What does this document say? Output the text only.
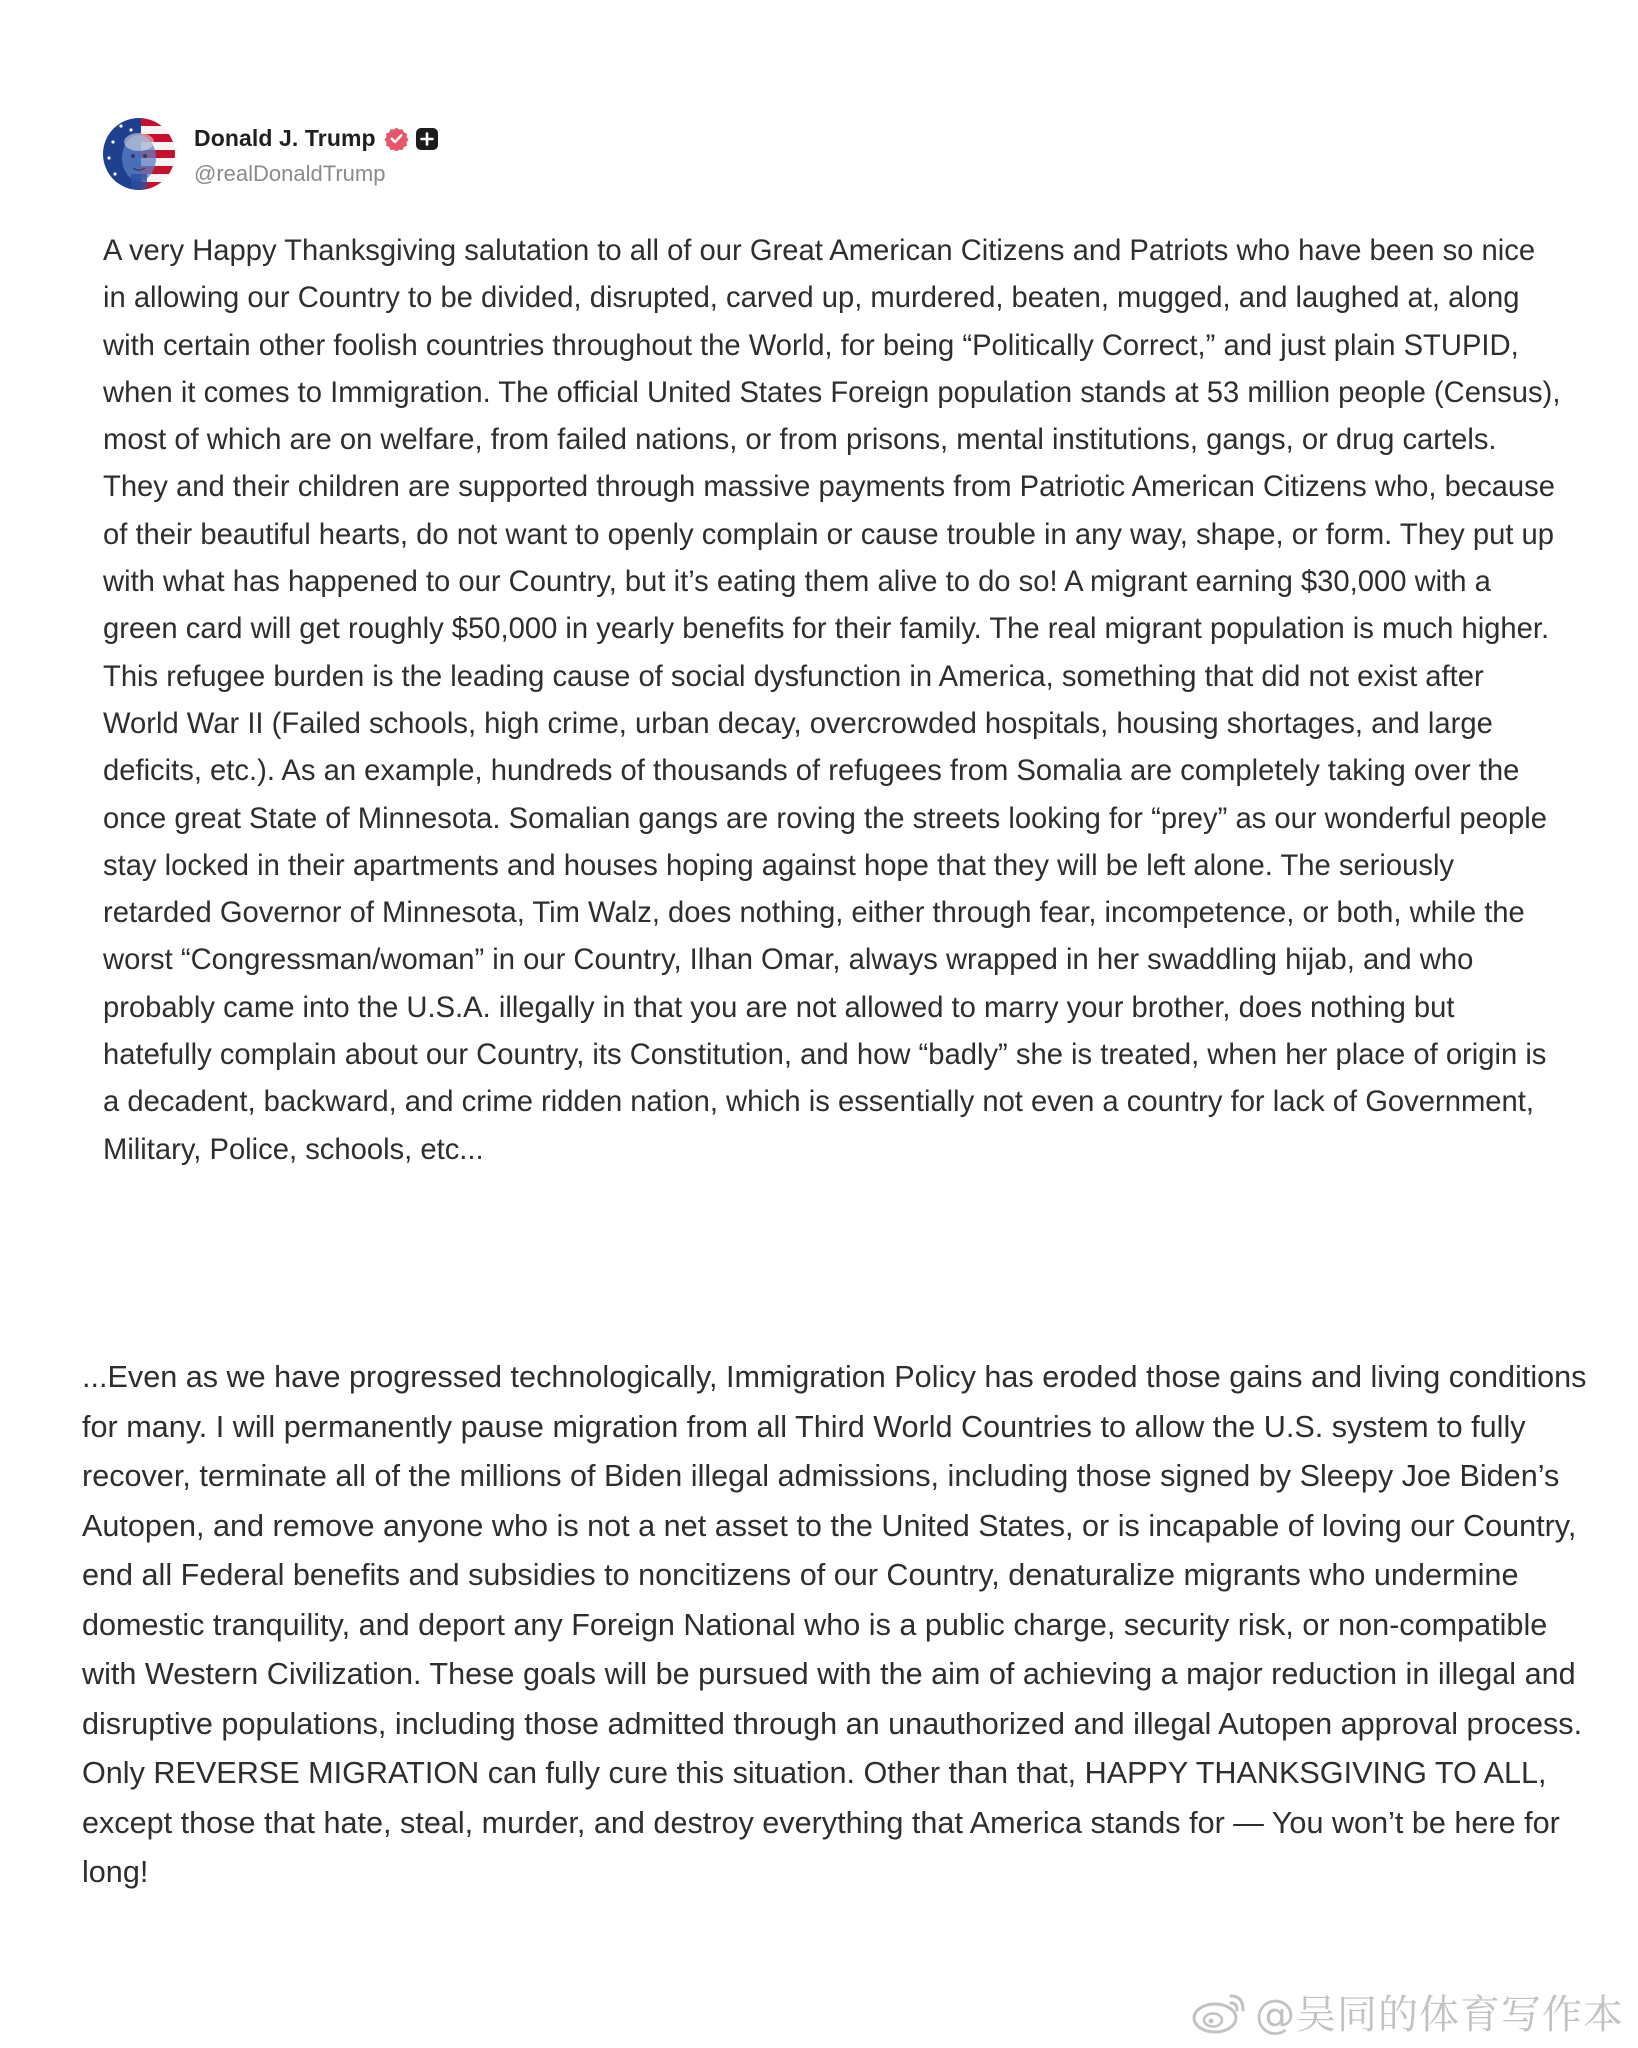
Donald J. Trump
@realDonaldTrump

A very Happy Thanksgiving salutation to all of our Great American Citizens and Patriots who have been so nice in allowing our Country to be divided, disrupted, carved up, murdered, beaten, mugged, and laughed at, along with certain other foolish countries throughout the World, for being “Politically Correct,” and just plain STUPID, when it comes to Immigration. The official United States Foreign population stands at 53 million people (Census), most of which are on welfare, from failed nations, or from prisons, mental institutions, gangs, or drug cartels. They and their children are supported through massive payments from Patriotic American Citizens who, because of their beautiful hearts, do not want to openly complain or cause trouble in any way, shape, or form. They put up with what has happened to our Country, but it’s eating them alive to do so! A migrant earning $30,000 with a green card will get roughly $50,000 in yearly benefits for their family. The real migrant population is much higher. This refugee burden is the leading cause of social dysfunction in America, something that did not exist after World War II (Failed schools, high crime, urban decay, overcrowded hospitals, housing shortages, and large deficits, etc.). As an example, hundreds of thousands of refugees from Somalia are completely taking over the once great State of Minnesota. Somalian gangs are roving the streets looking for “prey” as our wonderful people stay locked in their apartments and houses hoping against hope that they will be left alone. The seriously retarded Governor of Minnesota, Tim Walz, does nothing, either through fear, incompetence, or both, while the worst “Congressman/woman” in our Country, Ilhan Omar, always wrapped in her swaddling hijab, and who probably came into the U.S.A. illegally in that you are not allowed to marry your brother, does nothing but hatefully complain about our Country, its Constitution, and how “badly” she is treated, when her place of origin is a decadent, backward, and crime ridden nation, which is essentially not even a country for lack of Government, Military, Police, schools, etc...

...Even as we have progressed technologically, Immigration Policy has eroded those gains and living conditions for many. I will permanently pause migration from all Third World Countries to allow the U.S. system to fully recover, terminate all of the millions of Biden illegal admissions, including those signed by Sleepy Joe Biden’s Autopen, and remove anyone who is not a net asset to the United States, or is incapable of loving our Country, end all Federal benefits and subsidies to noncitizens of our Country, denaturalize migrants who undermine domestic tranquility, and deport any Foreign National who is a public charge, security risk, or non-compatible with Western Civilization. These goals will be pursued with the aim of achieving a major reduction in illegal and disruptive populations, including those admitted through an unauthorized and illegal Autopen approval process. Only REVERSE MIGRATION can fully cure this situation. Other than that, HAPPY THANKSGIVING TO ALL, except those that hate, steal, murder, and destroy everything that America stands for — You won’t be here for long!

@吴同的体育写作本
